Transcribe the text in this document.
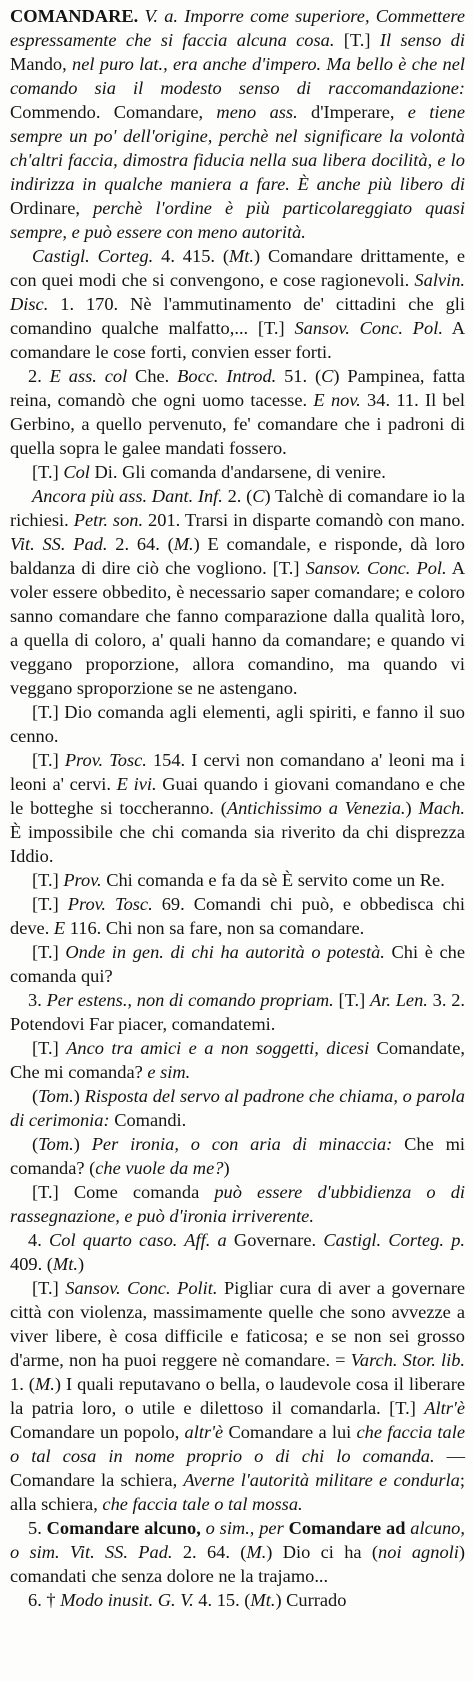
COMANDARE. V. a. Imporre come superiore, Commettere espressamente che si faccia alcuna cosa. [T.] Il senso di Mando, nel puro lat., era anche d'impero. Ma bello è che nel comando sia il modesto senso di raccomandazione: Commendo. Comandare, meno ass. d'Imperare, e tiene sempre un po' dell'origine, perchè nel significare la volontà ch'altri faccia, dimostra fiducia nella sua libera docilità, e lo indirizza in qualche maniera a fare. È anche più libero di Ordinare, perchè l'ordine è più particolareggiato quasi sempre, e può essere con meno autorità.

Castigl. Corteg. 4. 415. (Mt.) Comandare drittamente, e con quei modi che si convengono, e cose ragionevoli. Salvin. Disc. 1. 170. Nè l'ammutinamento de' cittadini che gli comandino qualche malfatto,... [T.] Sansov. Conc. Pol. A comandare le cose forti, convien esser forti.

2. E ass. col Che. Bocc. Introd. 51. (C) Pampinea, fatta reina, comandò che ogni uomo tacesse. E nov. 34. 11. Il bel Gerbino, a quello pervenuto, fe' comandare che i padroni di quella sopra le galee mandati fossero.

[T.] Col Di. Gli comanda d'andarsene, di venire.

Ancora più ass. Dant. Inf. 2. (C) Talchè di comandare io la richiesi. Petr. son. 201. Trarsi in disparte comandò con mano. Vit. SS. Pad. 2. 64. (M.) E comandale, e risponde, dà loro baldanza di dire ciò che vogliono. [T.] Sansov. Conc. Pol. A voler essere obbedito, è necessario saper comandare; e coloro sanno comandare che fanno comparazione dalla qualità loro, a quella di coloro, a' quali hanno da comandare; e quando vi veggano proporzione, allora comandino, ma quando vi veggano sproporzione se ne astengano.

[T.] Dio comanda agli elementi, agli spiriti, e fanno il suo cenno.

[T.] Prov. Tosc. 154. I cervi non comandano a' leoni ma i leoni a' cervi. E ivi. Guai quando i giovani comandano e che le botteghe si toccheranno. (Antichissimo a Venezia.) Mach. È impossibile che chi comanda sia riverito da chi disprezza Iddio.

[T.] Prov. Chi comanda e fa da sè È servito come un Re.

[T.] Prov. Tosc. 69. Comandi chi può, e obbedisca chi deve. E 116. Chi non sa fare, non sa comandare.

[T.] Onde in gen. di chi ha autorità o potestà. Chi è che comanda qui?

3. Per estens., non di comando propriam. [T.] Ar. Len. 3. 2. Potendovi Far piacer, comandatemi.

[T.] Anco tra amici e a non soggetti, dicesi Comandate, Che mi comanda? e sim.

(Tom.) Risposta del servo al padrone che chiama, o parola di cerimonia: Comandi.

(Tom.) Per ironia, o con aria di minaccia: Che mi comanda? (che vuole da me?)

[T.] Come comanda può essere d'ubbidienza o di rassegnazione, e può d'ironia irriverente.

4. Col quarto caso. Aff. a Governare. Castigl. Corteg. p. 409. (Mt.)

[T.] Sansov. Conc. Polit. Pigliar cura di aver a governare città con violenza, massimamente quelle che sono avvezze a viver libere, è cosa difficile e faticosa; e se non sei grosso d'arme, non ha puoi reggere nè comandare. = Varch. Stor. lib. 1. (M.) I quali reputavano o bella, o laudevole cosa il liberare la patria loro, o utile e dilettoso il comandarla. [T.] Altr'è Comandare un popolo, altr'è Comandare a lui che faccia tale o tal cosa in nome proprio o di chi lo comanda. — Comandare la schiera, Averne l'autorità militare e condurla; alla schiera, che faccia tale o tal mossa.

5. Comandare alcuno, o sim., per Comandare ad alcuno, o sim. Vit. SS. Pad. 2. 64. (M.) Dio ci ha (noi agnoli) comandati che senza dolore ne la trajamo...

6. † Modo inusit. G. V. 4. 15. (Mt.) Currado
